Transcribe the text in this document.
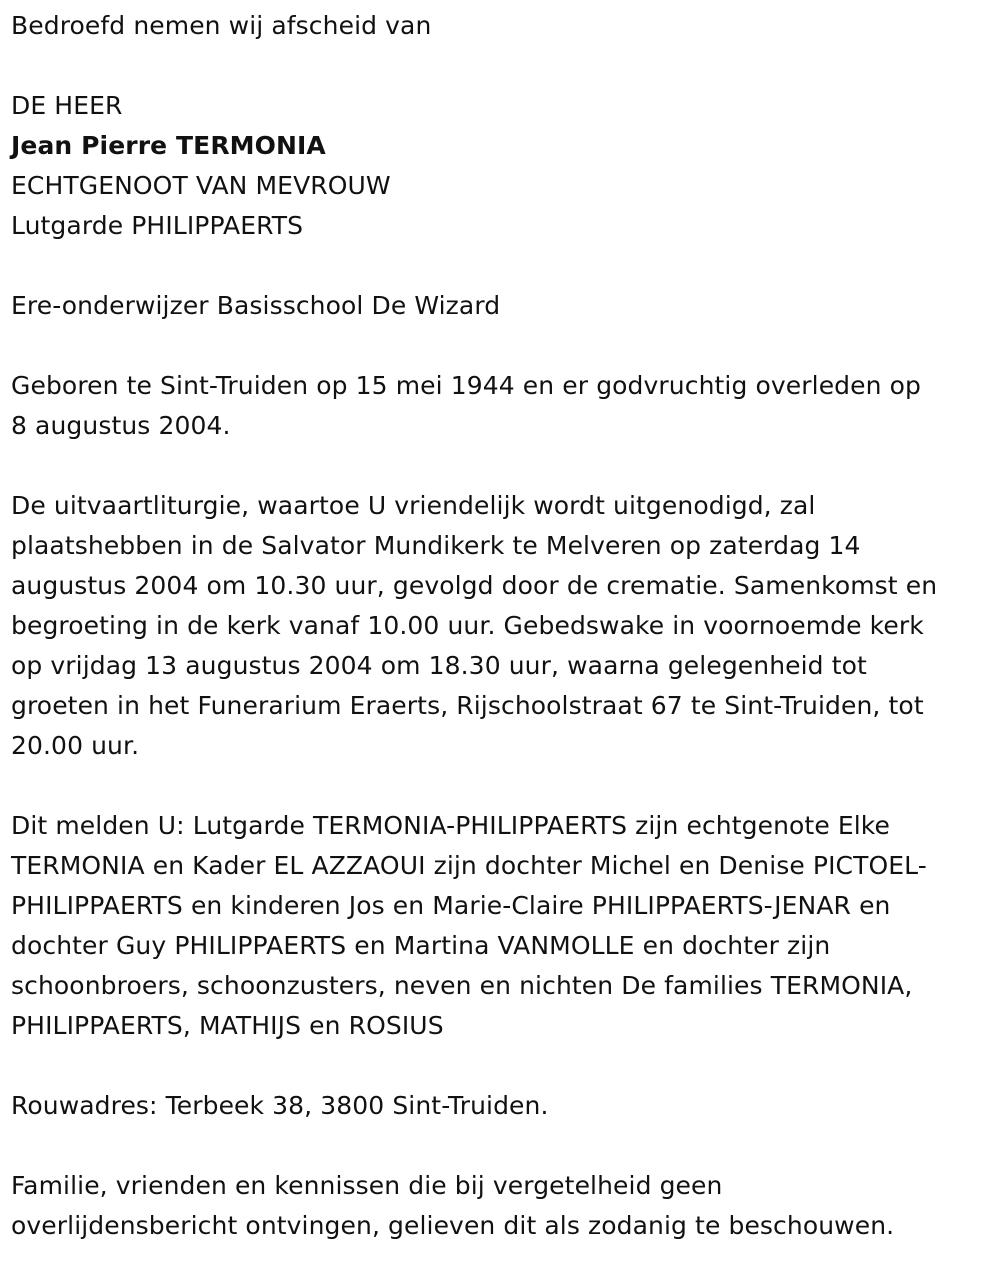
Bedroefd nemen wij afscheid van

DE HEER

Jean Pierre TERMONIA

ECHTGENOOT VAN MEVROUW

Lutgarde PHILIPPAERTS

Ere-onderwijzer Basisschool De Wizard

Geboren te Sint-Truiden op 15 mei 1944 en er godvruchtig overleden op

8 augustus 2004.

De uitvaartliturgie, waartoe U vriendelijk wordt uitgenodigd, zal

plaatshebben in de Salvator Mundikerk te Melveren op zaterdag 14

augustus 2004 om 10.30 uur, gevolgd door de crematie. Samenkomst en

begroeting in de kerk vanaf 10.00 uur. Gebedswake in voornoemde kerk

op vrijdag 13 augustus 2004 om 18.30 uur, waarna gelegenheid tot

groeten in het Funerarium Eraerts, Rijschoolstraat 67 te Sint-Truiden, tot

20.00 uur.

Dit melden U: Lutgarde TERMONIA-PHILIPPAERTS zijn echtgenote Elke

TERMONIA en Kader EL AZZAOUI zijn dochter Michel en Denise PICTOEL-

PHILIPPAERTS en kinderen Jos en Marie-Claire PHILIPPAERTS-JENAR en

dochter Guy PHILIPPAERTS en Martina VANMOLLE en dochter zijn

schoonbroers, schoonzusters, neven en nichten De families TERMONIA,

PHILIPPAERTS, MATHIJS en ROSIUS

Rouwadres: Terbeek 38, 3800 Sint-Truiden.

Familie, vrienden en kennissen die bij vergetelheid geen

overlijdensbericht ontvingen, gelieven dit als zodanig te beschouwen.
